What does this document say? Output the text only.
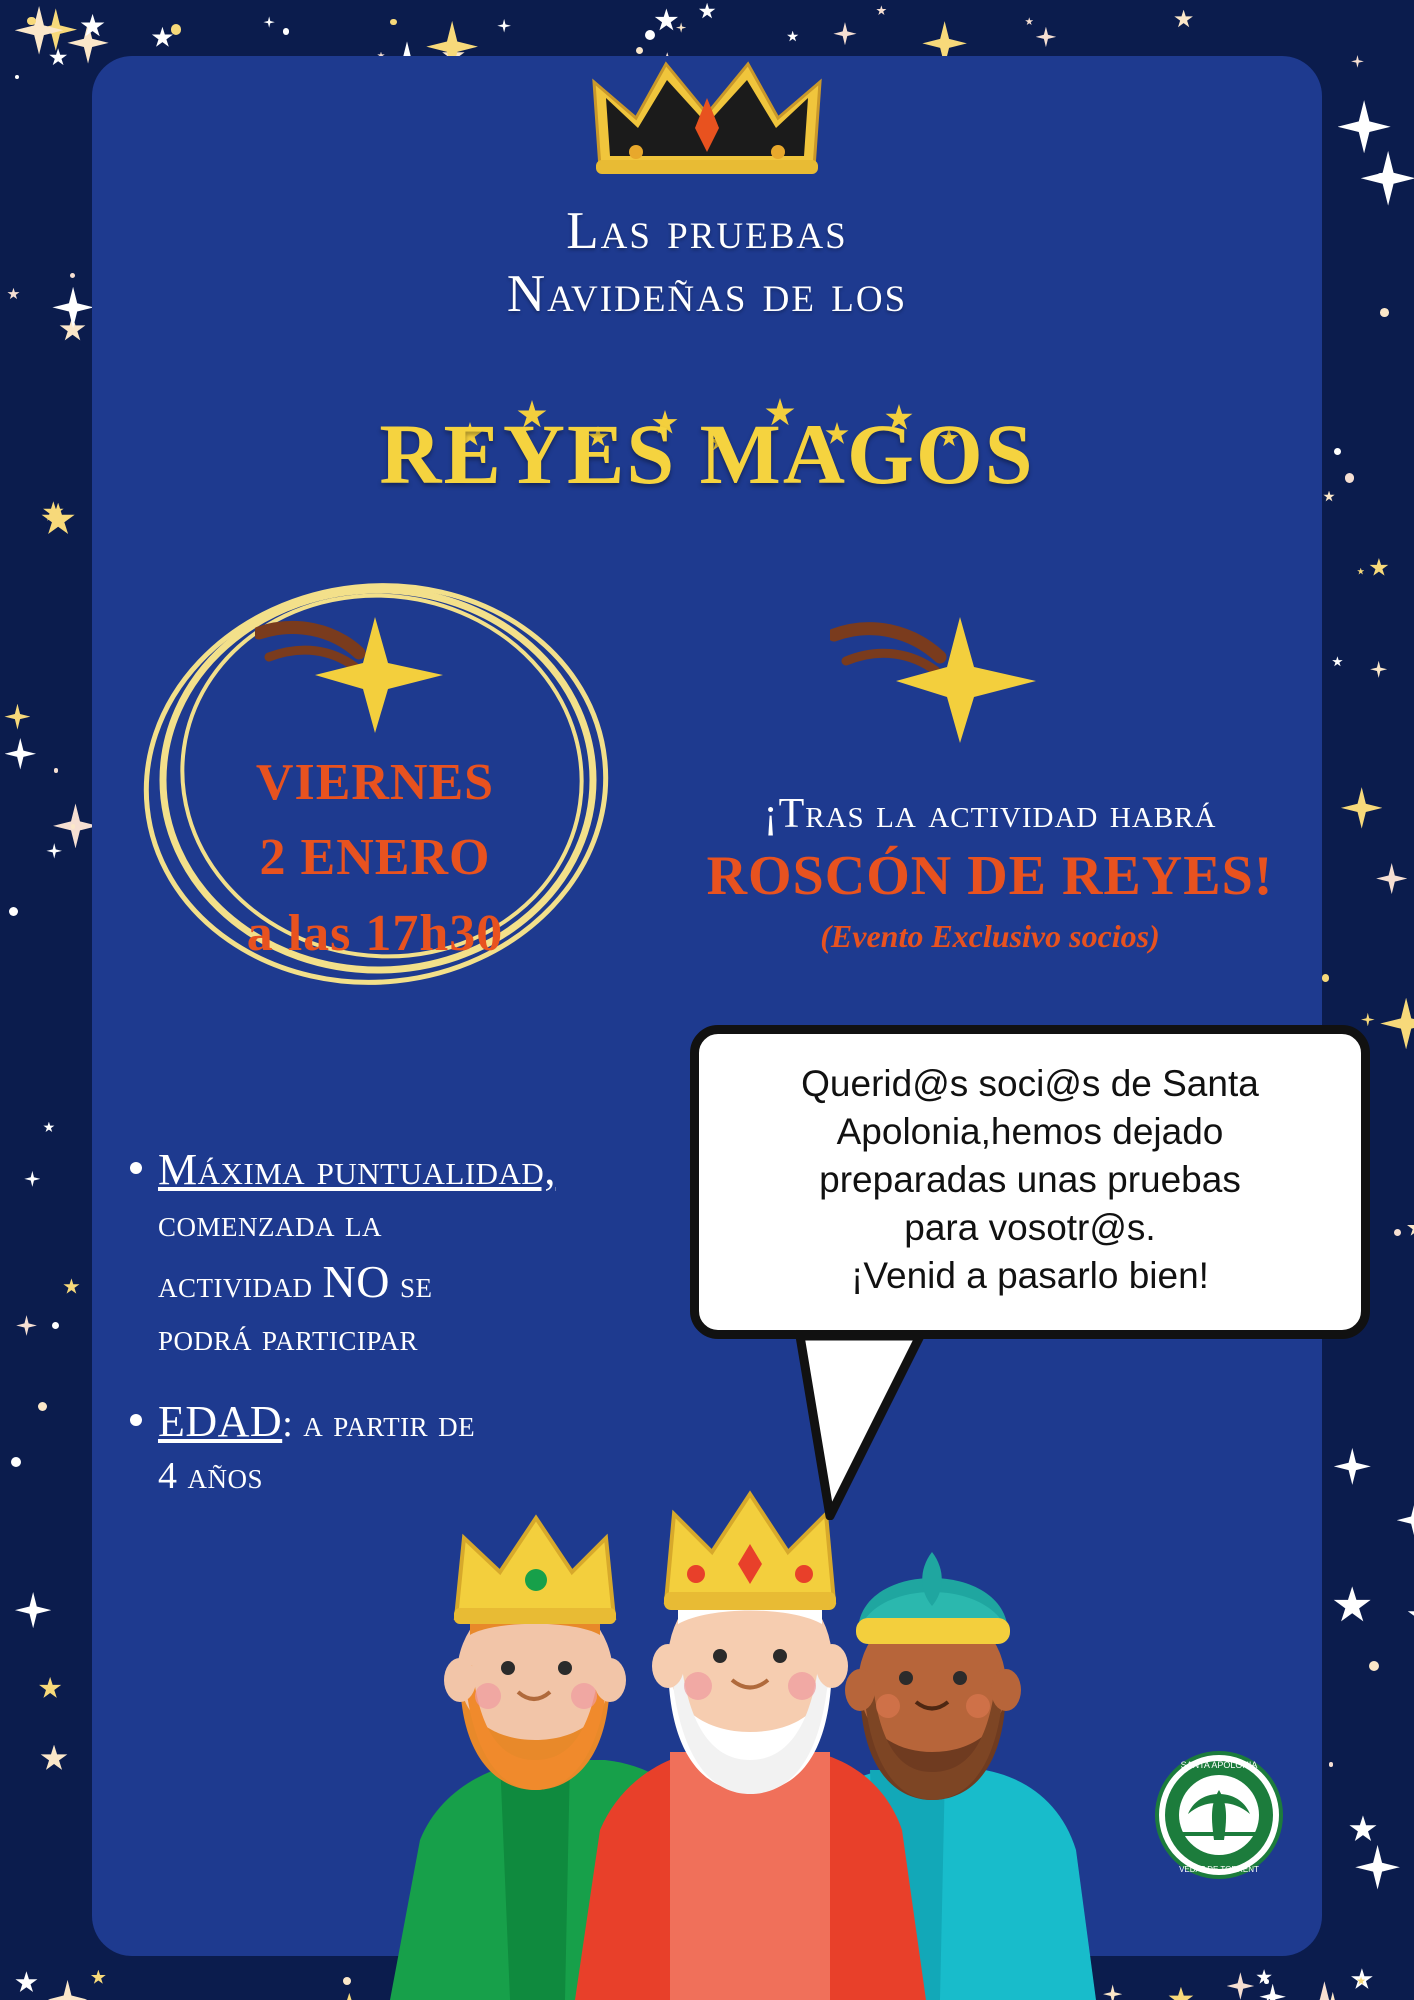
Las pruebas
Navideñas de los
REYES MAGOS
VIERNES
2 ENERO
a las 17h30
¡Tras la actividad habrá
ROSCÓN DE REYES!
(Evento Exclusivo socios)
Máxima puntualidad,
comenzada la
actividad NO se
podrá participar
EDAD: a partir de
4 años
Querid@s soci@s de Santa
Apolonia,hemos dejado
preparadas unas pruebas
para vosotr@s.
¡Venid a pasarlo bien!
SANTA APOLONIA
VEDAT DE TORRENT
